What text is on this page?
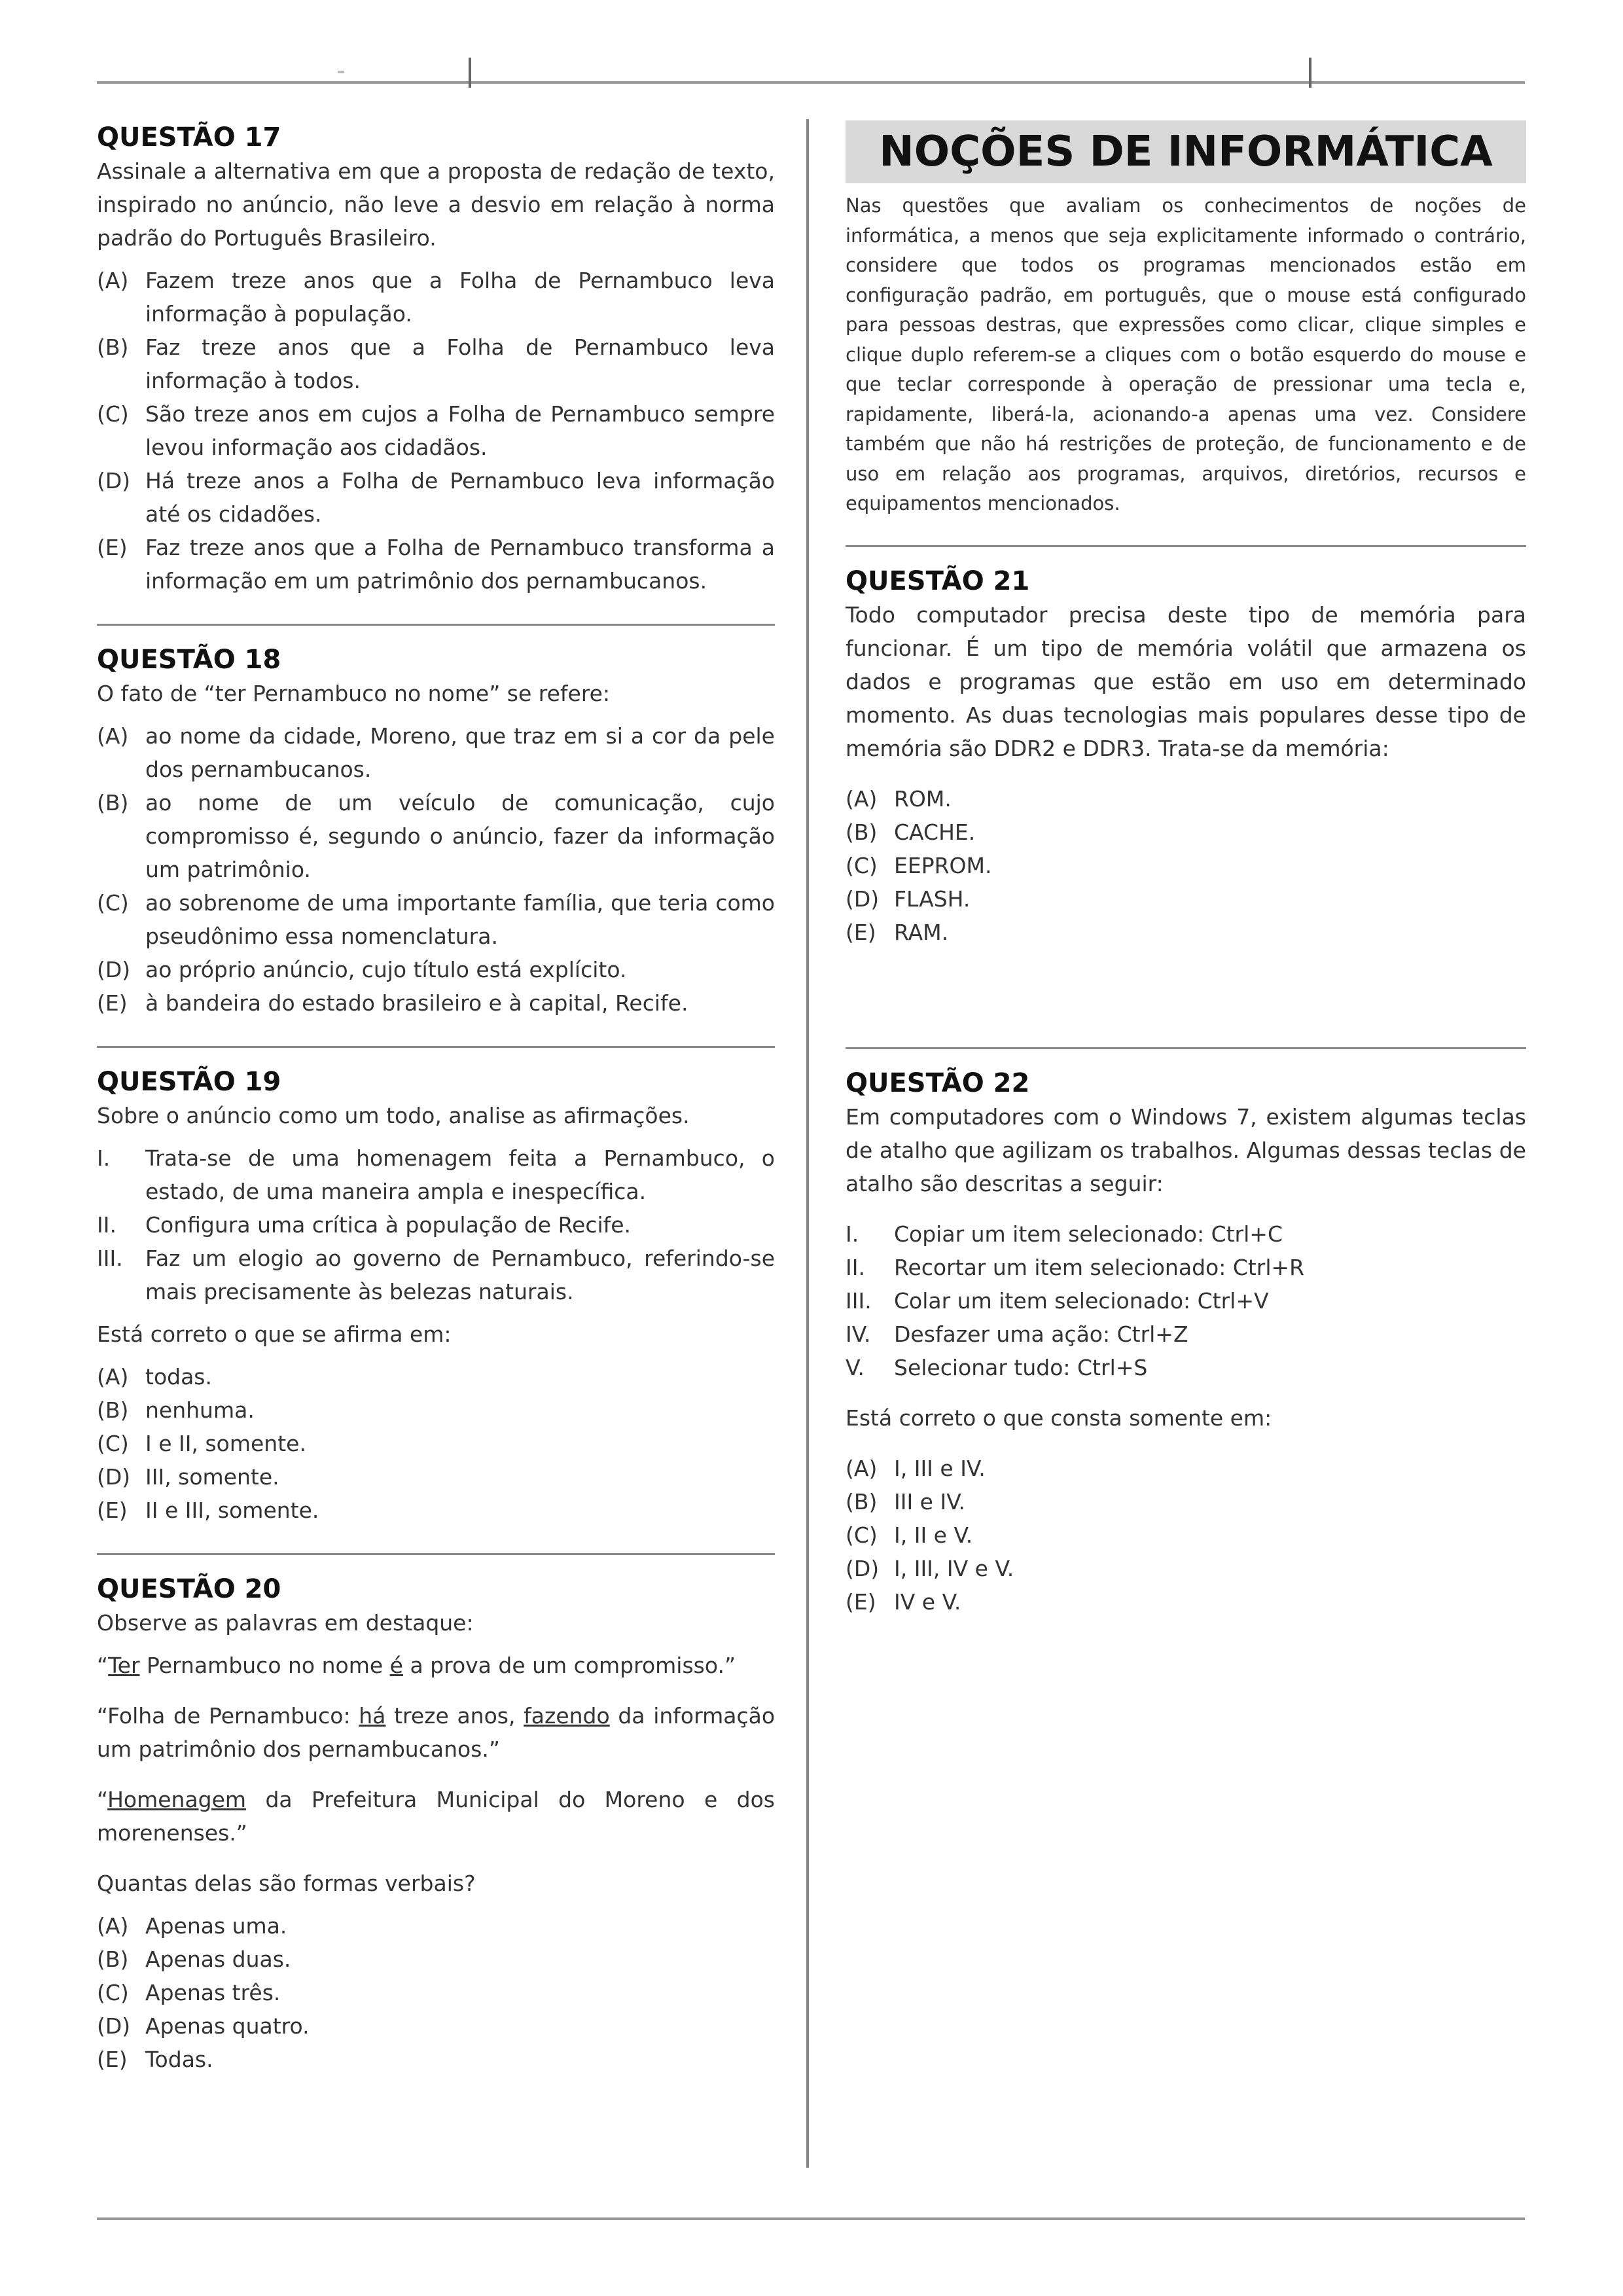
QUESTÃO 17

Assinale a alternativa em que a proposta de redação de texto, inspirado no anúncio, não leve a desvio em relação à norma padrão do Português Brasileiro.

(A) Fazem treze anos que a Folha de Pernambuco leva informação à população.
(B) Faz treze anos que a Folha de Pernambuco leva informação à todos.
(C) São treze anos em cujos a Folha de Pernambuco sempre levou informação aos cidadãos.
(D) Há treze anos a Folha de Pernambuco leva informação até os cidadões.
(E) Faz treze anos que a Folha de Pernambuco transforma a informação em um patrimônio dos pernambucanos.
QUESTÃO 18

O fato de “ter Pernambuco no nome” se refere:

(A) ao nome da cidade, Moreno, que traz em si a cor da pele dos pernambucanos.
(B) ao nome de um veículo de comunicação, cujo compromisso é, segundo o anúncio, fazer da informação um patrimônio.
(C) ao sobrenome de uma importante família, que teria como pseudônimo essa nomenclatura.
(D) ao próprio anúncio, cujo título está explícito.
(E) à bandeira do estado brasileiro e à capital, Recife.
QUESTÃO 19

Sobre o anúncio como um todo, analise as afirmações.

I.	Trata-se de uma homenagem feita a Pernambuco, o estado, de uma maneira ampla e inespecífica.
II.	Configura uma crítica à população de Recife.
III.	Faz um elogio ao governo de Pernambuco, referindo-se mais precisamente às belezas naturais.

Está correto o que se afirma em:

(A) todas.
(B) nenhuma.
(C) I e II, somente.
(D) III, somente.
(E) II e III, somente.
QUESTÃO 20

Observe as palavras em destaque:

“Ter Pernambuco no nome é a prova de um compromisso.”

“Folha de Pernambuco: há treze anos, fazendo da informação um patrimônio dos pernambucanos.”

“Homenagem da Prefeitura Municipal do Moreno e dos morenenses.”

Quantas delas são formas verbais?

(A) Apenas uma.
(B) Apenas duas.
(C) Apenas três.
(D) Apenas quatro.
(E) Todas.
NOÇÕES DE INFORMÁTICA

Nas questões que avaliam os conhecimentos de noções de informática, a menos que seja explicitamente informado o contrário, considere que todos os programas mencionados estão em configuração padrão, em português, que o mouse está configurado para pessoas destras, que expressões como clicar, clique simples e clique duplo referem-se a cliques com o botão esquerdo do mouse e que teclar corresponde à operação de pressionar uma tecla e, rapidamente, liberá-la, acionando-a apenas uma vez. Considere também que não há restrições de proteção, de funcionamento e de uso em relação aos programas, arquivos, diretórios, recursos e equipamentos mencionados.

QUESTÃO 21

Todo computador precisa deste tipo de memória para funcionar. É um tipo de memória volátil que armazena os dados e programas que estão em uso em determinado momento. As duas tecnologias mais populares desse tipo de memória são DDR2 e DDR3. Trata-se da memória:

(A) ROM.
(B) CACHE.
(C) EEPROM.
(D) FLASH.
(E) RAM.
QUESTÃO 22

Em computadores com o Windows 7, existem algumas teclas de atalho que agilizam os trabalhos. Algumas dessas teclas de atalho são descritas a seguir:

I.	Copiar um item selecionado: Ctrl+C
II.	Recortar um item selecionado: Ctrl+R
III.	Colar um item selecionado: Ctrl+V
IV.	Desfazer uma ação: Ctrl+Z
V.	Selecionar tudo: Ctrl+S

Está correto o que consta somente em:

(A) I, III e IV.
(B) III e IV.
(C) I, II e V.
(D) I, III, IV e V.
(E) IV e V.
